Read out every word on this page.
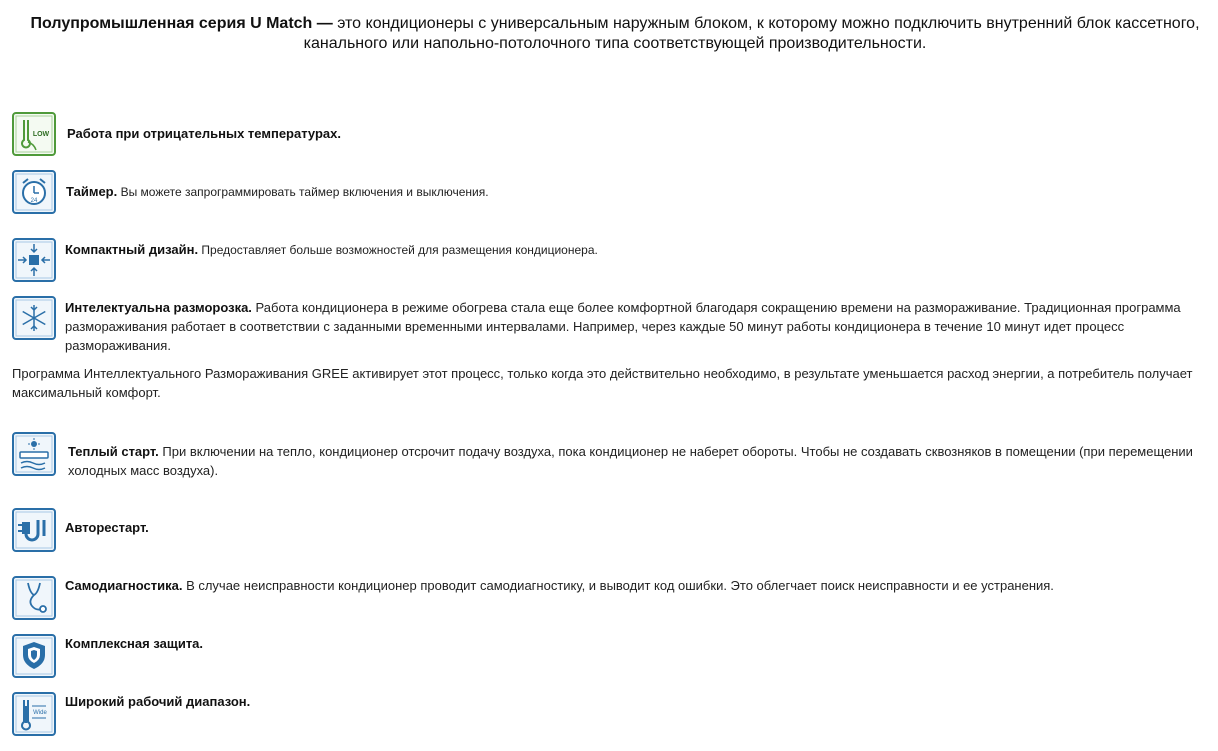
Полупромышленная серия U Match — это кондиционеры с универсальным наружным блоком, к которому можно подключить внутренний блок кассетного, канального или напольно-потолочного типа соответствующей производительности.
LOW Работа при отрицательных температурах.
24
Таймер. Вы можете запрограммировать таймер включения и выключения.
Компактный дизайн. Предоставляет больше возможностей для размещения кондиционера.
Интелектуальна разморозка. Работа кондиционера в режиме обогрева стала еще более комфортной благодаря сокращению времени на размораживание. Традиционная программа размораживания работает в соответствии с заданными временными интервалами. Например, через каждые 50 минут работы кондиционера в течение 10 минут идет процесс размораживания.
Программа Интеллектуального Размораживания GREE активирует этот процесс, только когда это действительно необходимо, в результате уменьшается расход энергии, а потребитель получает максимальный комфорт.
Теплый старт. При включении на тепло, кондиционер отсрочит подачу воздуха, пока кондиционер не наберет обороты. Чтобы не создавать сквозняков в помещении (при перемещении холодных масс воздуха).
Авторестарт.
Самодиагностика. В случае неисправности кондиционер проводит самодиагностику, и выводит код ошибки. Это облегчает поиск неисправности и ее устранения.
Комплексная защита.
Wide
Широкий рабочий диапазон.
